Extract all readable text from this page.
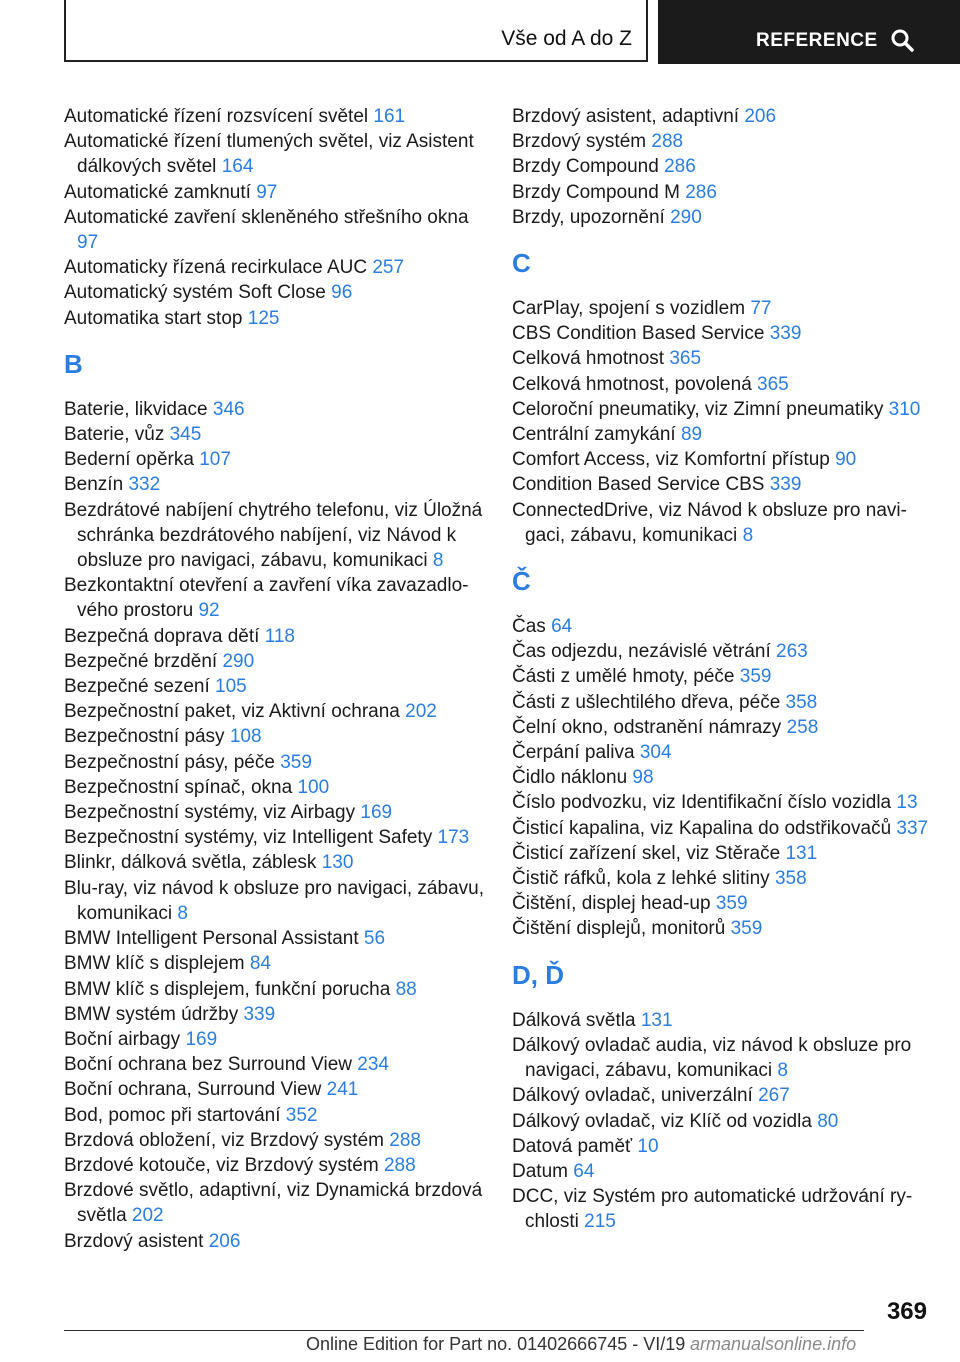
Vše od A do Z	REFERENCE
Automatické řízení rozsvícení světel 161
Automatické řízení tlumených světel, viz Asistent dálkových světel 164
Automatické zamknutí 97
Automatické zavření skleněného střešního okna 97
Automaticky řízená recirkulace AUC 257
Automatický systém Soft Close 96
Automatika start stop 125
B
Baterie, likvidace 346
Baterie, vůz 345
Bederní opěrka 107
Benzín 332
Bezdrátové nabíjení chytrého telefonu, viz Úložná schránka bezdrátového nabíjení, viz Návod k obsluze pro navigaci, zábavu, komunikaci 8
Bezkontaktní otevření a zavření víka zavazadlo‐vého prostoru 92
Bezpečná doprava dětí 118
Bezpečné brzdění 290
Bezpečné sezení 105
Bezpečnostní paket, viz Aktivní ochrana 202
Bezpečnostní pásy 108
Bezpečnostní pásy, péče 359
Bezpečnostní spínač, okna 100
Bezpečnostní systémy, viz Airbagy 169
Bezpečnostní systémy, viz Intelligent Safety 173
Blinkr, dálková světla, záblesk 130
Blu-ray, viz návod k obsluze pro navigaci, zábavu, komunikaci 8
BMW Intelligent Personal Assistant 56
BMW klíč s displejem 84
BMW klíč s displejem, funkční porucha 88
BMW systém údržby 339
Boční airbagy 169
Boční ochrana bez Surround View 234
Boční ochrana, Surround View 241
Bod, pomoc při startování 352
Brzdová obložení, viz Brzdový systém 288
Brzdové kotouče, viz Brzdový systém 288
Brzdové světlo, adaptivní, viz Dynamická brzdová světla 202
Brzdový asistent 206
Brzdový asistent, adaptivní 206
Brzdový systém 288
Brzdy Compound 286
Brzdy Compound M 286
Brzdy, upozornění 290
C
CarPlay, spojení s vozidlem 77
CBS Condition Based Service 339
Celková hmotnost 365
Celková hmotnost, povolená 365
Celoroční pneumatiky, viz Zimní pneumatiky 310
Centrální zamykání 89
Comfort Access, viz Komfortní přístup 90
Condition Based Service CBS 339
ConnectedDrive, viz Návod k obsluze pro navi‐gaci, zábavu, komunikaci 8
Č
Čas 64
Čas odjezdu, nezávislé větrání 263
Části z umělé hmoty, péče 359
Části z ušlechtilého dřeva, péče 358
Čelní okno, odstranění námrazy 258
Čerpání paliva 304
Čidlo náklonu 98
Číslo podvozku, viz Identifikační číslo vozidla 13
Čisticí kapalina, viz Kapalina do odstřikovačů 337
Čisticí zařízení skel, viz Stěrače 131
Čistič ráfků, kola z lehké slitiny 358
Čištění, displej head-up 359
Čištění displejů, monitorů 359
D, Ď
Dálková světla 131
Dálkový ovladač audia, viz návod k obsluze pro navigaci, zábavu, komunikaci 8
Dálkový ovladač, univerzální 267
Dálkový ovladač, viz Klíč od vozidla 80
Datová paměť 10
Datum 64
DCC, viz Systém pro automatické udržování ry‐chlosti 215
369
Online Edition for Part no. 01402666745 - VI/19 armanualsonline.info
